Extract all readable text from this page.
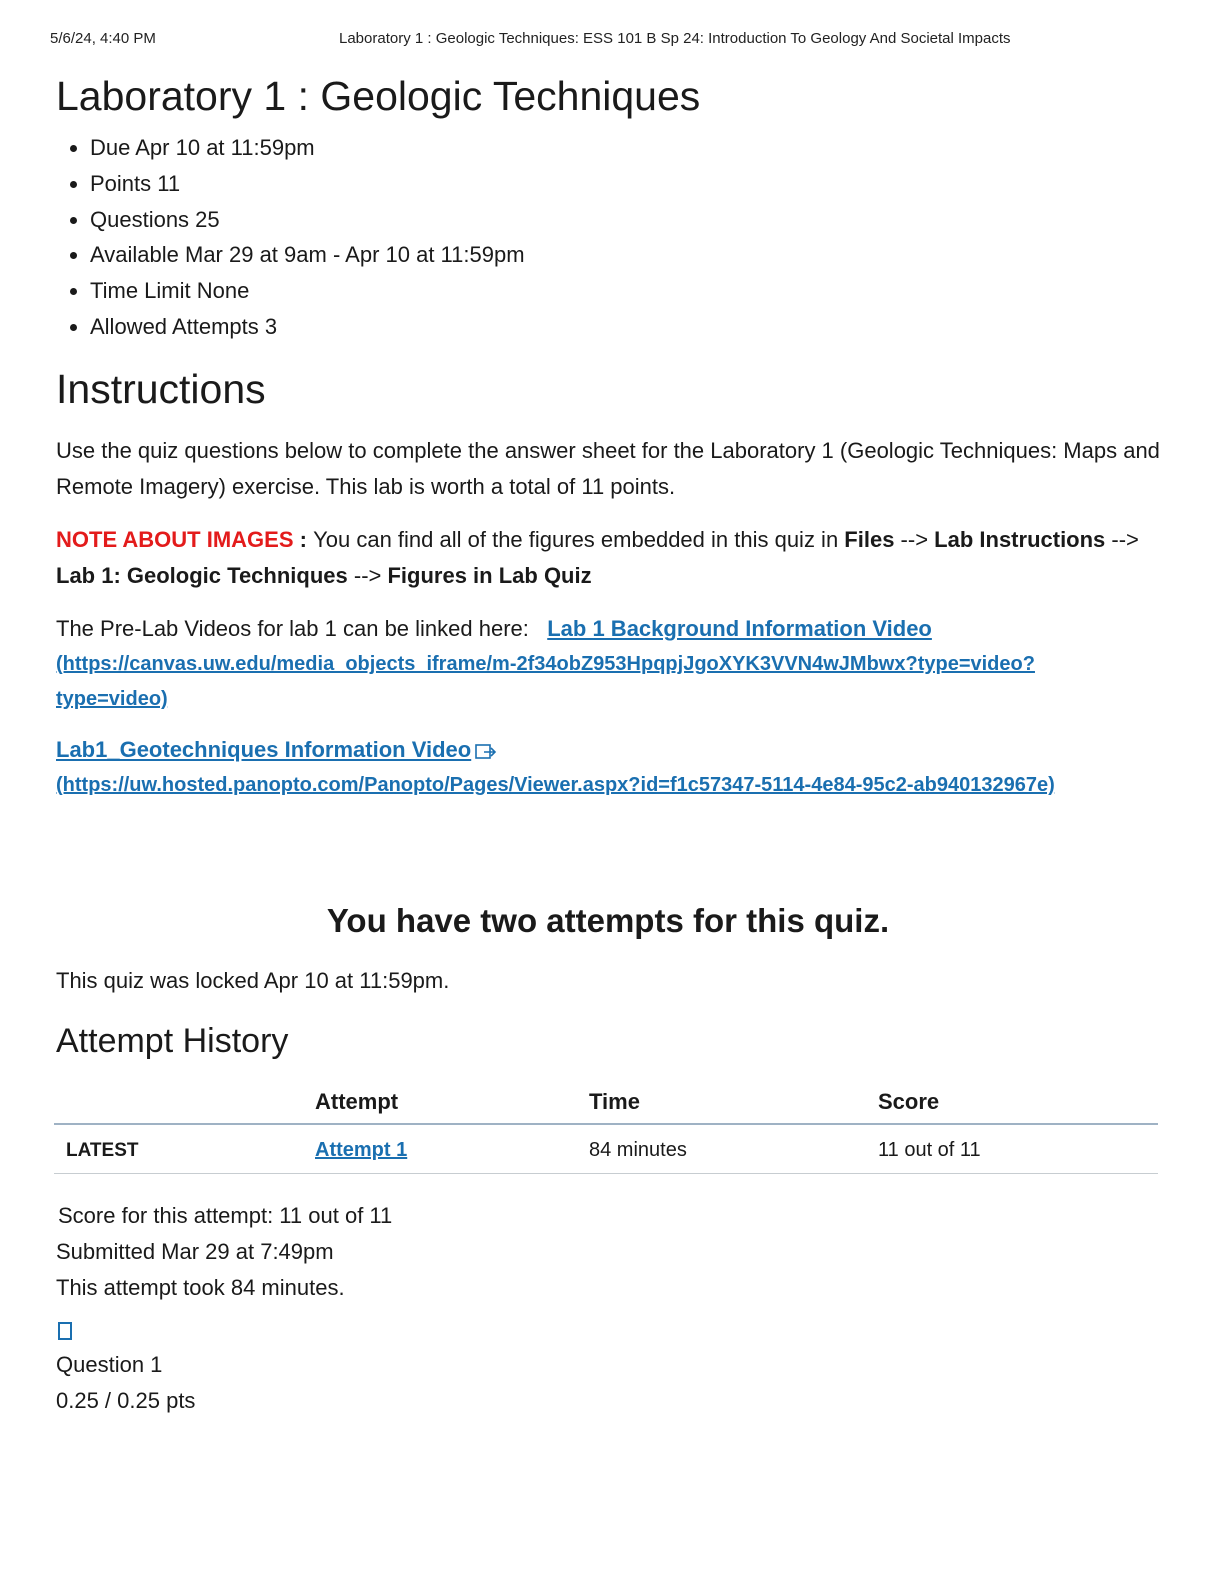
5/6/24, 4:40 PM	Laboratory 1 : Geologic Techniques: ESS 101 B Sp 24: Introduction To Geology And Societal Impacts
Laboratory 1 : Geologic Techniques
• Due Apr 10 at 11:59pm
• Points 11
• Questions 25
• Available Mar 29 at 9am - Apr 10 at 11:59pm
• Time Limit None
• Allowed Attempts 3
Instructions

Use the quiz questions below to complete the answer sheet for the Laboratory 1 (Geologic Techniques: Maps and Remote Imagery) exercise. This lab is worth a total of 11 points.

NOTE ABOUT IMAGES : You can find all of the figures embedded in this quiz in Files --> Lab Instructions --> Lab 1: Geologic Techniques --> Figures in Lab Quiz

The Pre-Lab Videos for lab 1 can be linked here:   Lab 1 Background Information Video
(https://canvas.uw.edu/media_objects_iframe/m-2f34obZ953HpqpjJgoXYK3VVN4wJMbwx?type=video?
type=video)

Lab1_Geotechniques Information Video
(https://uw.hosted.panopto.com/Panopto/Pages/Viewer.aspx?id=f1c57347-5114-4e84-95c2-ab940132967e)

You have two attempts for this quiz.

This quiz was locked Apr 10 at 11:59pm.

Attempt History
	Attempt	Time	Score
LATEST	Attempt 1	84 minutes	11 out of 11

Score for this attempt: 11 out of 11

Submitted Mar 29 at 7:49pm

This attempt took 84 minutes.

Question 1

0.25 / 0.25 pts
